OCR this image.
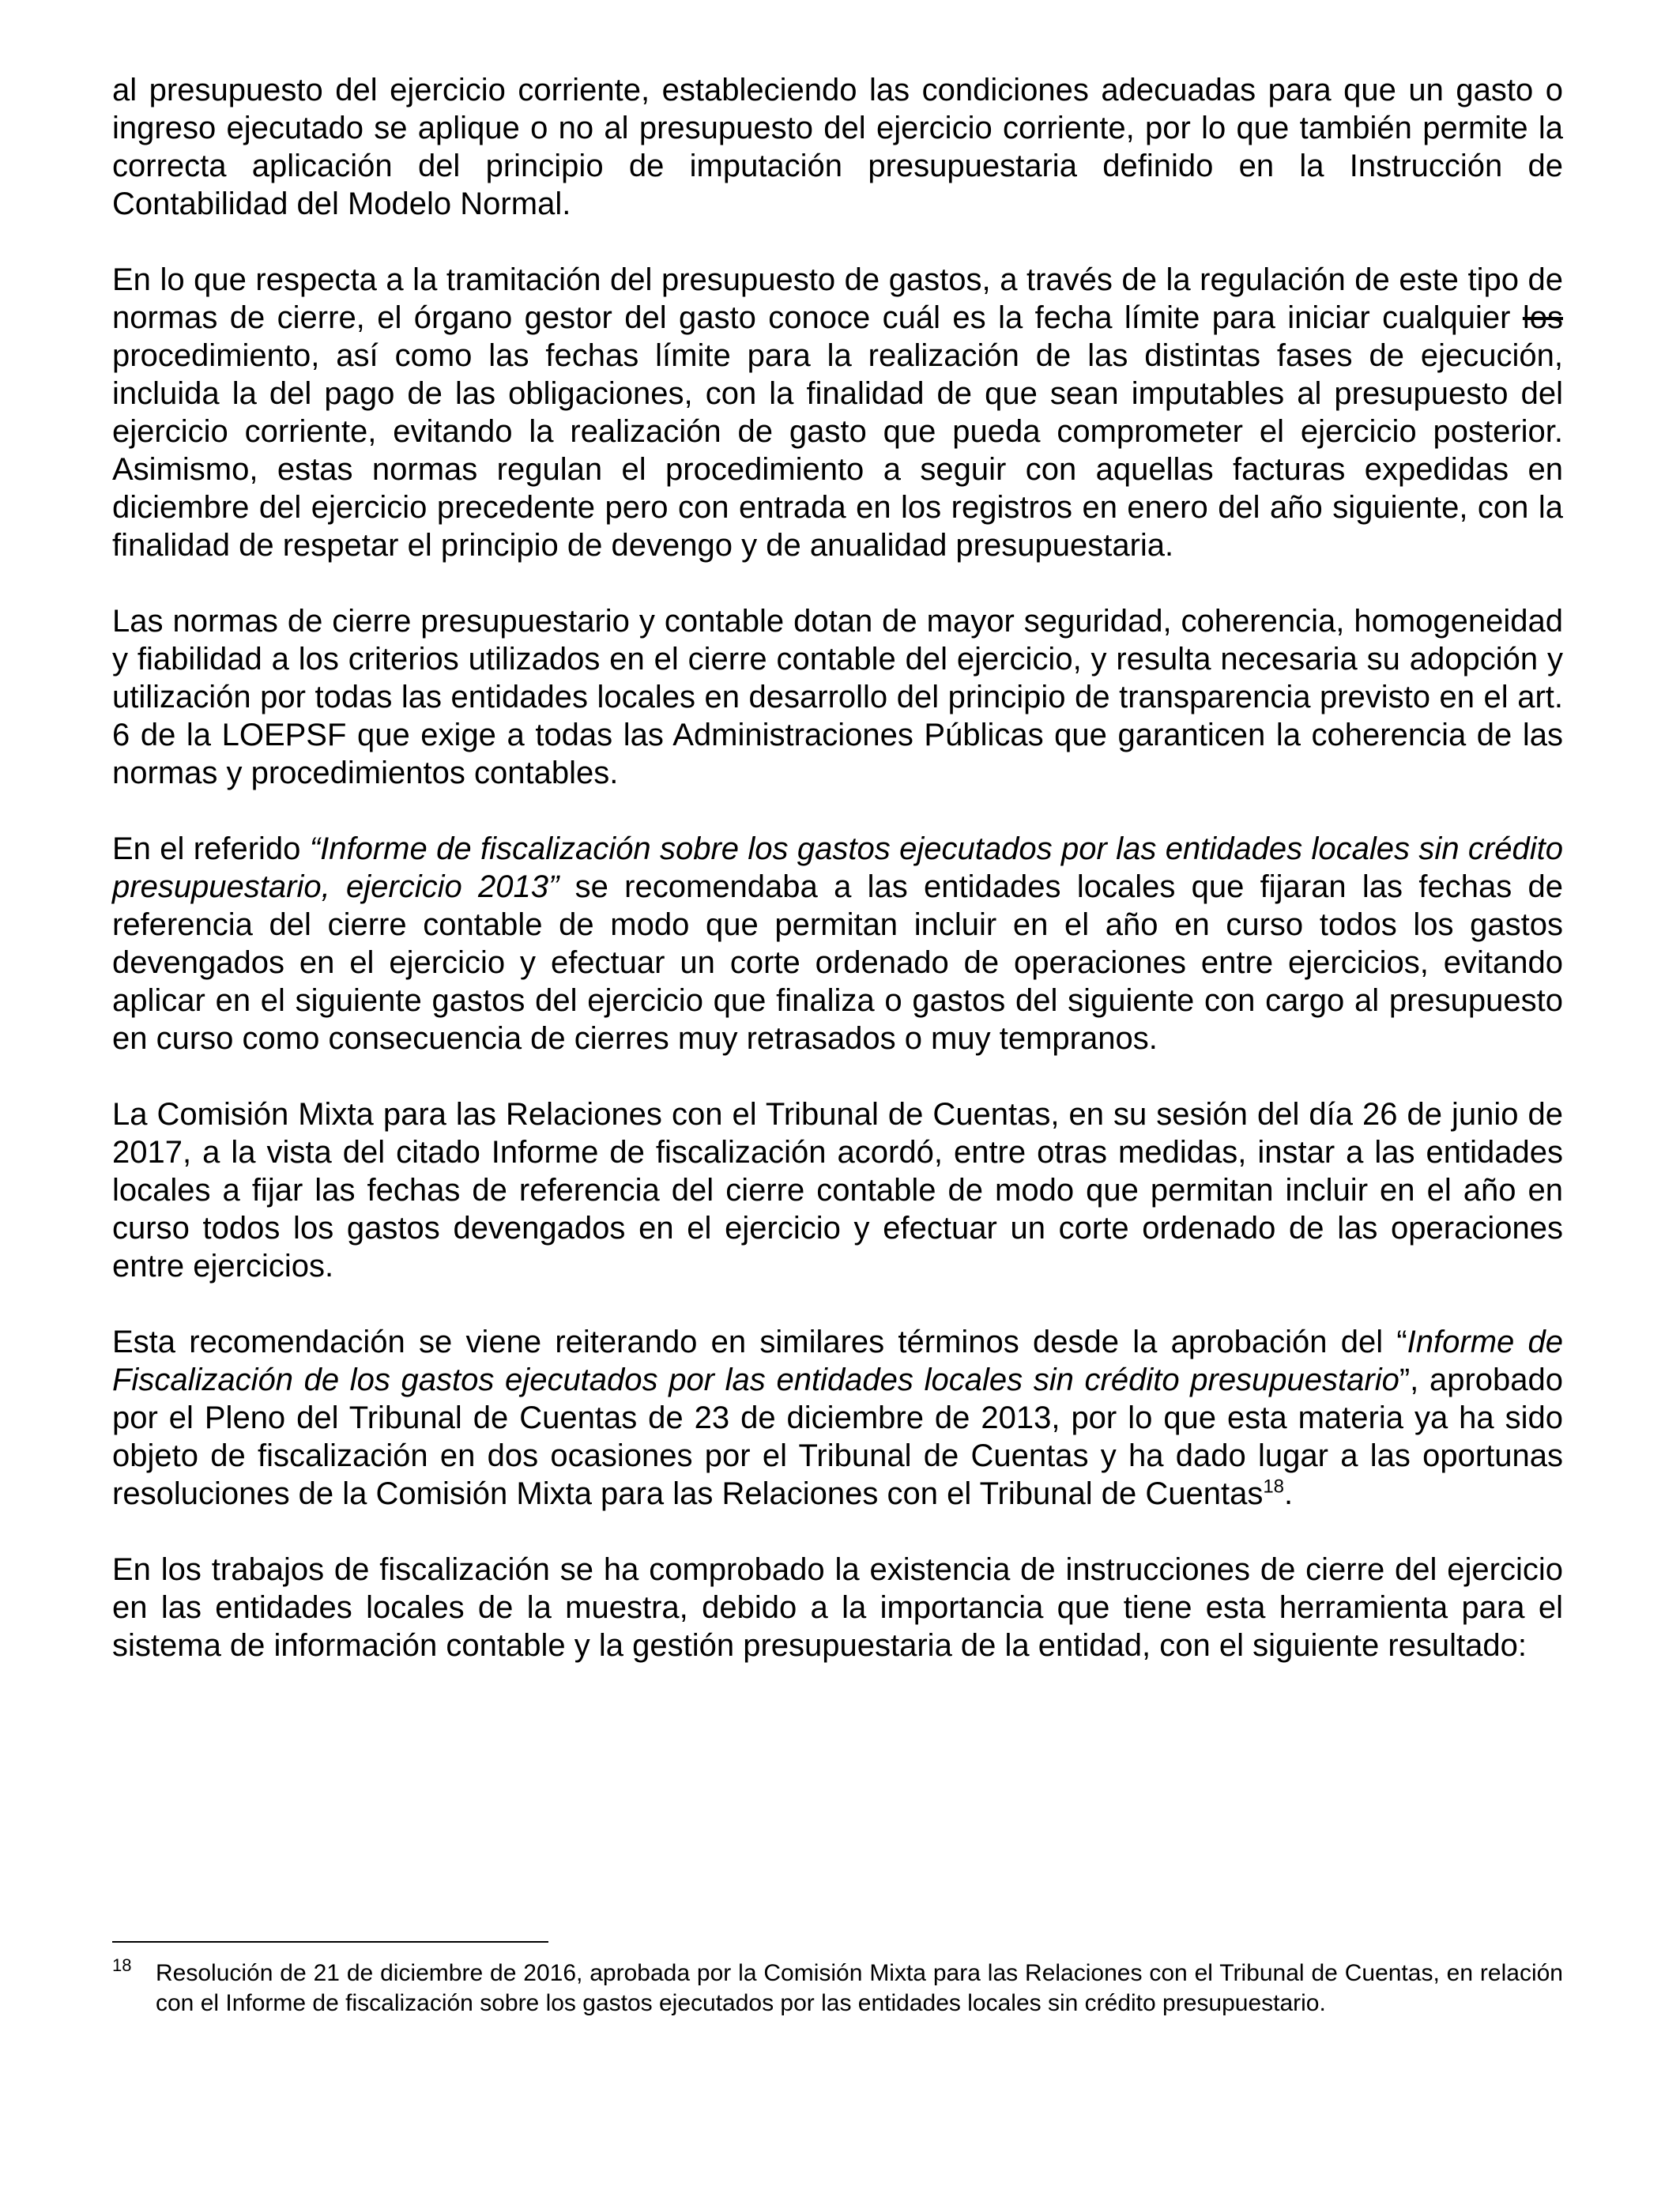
al presupuesto del ejercicio corriente, estableciendo las condiciones adecuadas para que un gasto o ingreso ejecutado se aplique o no al presupuesto del ejercicio corriente, por lo que también permite la correcta aplicación del principio de imputación presupuestaria definido en la Instrucción de Contabilidad del Modelo Normal.

En lo que respecta a la tramitación del presupuesto de gastos, a través de la regulación de este tipo de normas de cierre, el órgano gestor del gasto conoce cuál es la fecha límite para iniciar cualquier los procedimiento, así como las fechas límite para la realización de las distintas fases de ejecución, incluida la del pago de las obligaciones, con la finalidad de que sean imputables al presupuesto del ejercicio corriente, evitando la realización de gasto que pueda comprometer el ejercicio posterior. Asimismo, estas normas regulan el procedimiento a seguir con aquellas facturas expedidas en diciembre del ejercicio precedente pero con entrada en los registros en enero del año siguiente, con la finalidad de respetar el principio de devengo y de anualidad presupuestaria.

Las normas de cierre presupuestario y contable dotan de mayor seguridad, coherencia, homogeneidad y fiabilidad a los criterios utilizados en el cierre contable del ejercicio, y resulta necesaria su adopción y utilización por todas las entidades locales en desarrollo del principio de transparencia previsto en el art. 6 de la LOEPSF que exige a todas las Administraciones Públicas que garanticen la coherencia de las normas y procedimientos contables.

En el referido “Informe de fiscalización sobre los gastos ejecutados por las entidades locales sin crédito presupuestario, ejercicio 2013” se recomendaba a las entidades locales que fijaran las fechas de referencia del cierre contable de modo que permitan incluir en el año en curso todos los gastos devengados en el ejercicio y efectuar un corte ordenado de operaciones entre ejercicios, evitando aplicar en el siguiente gastos del ejercicio que finaliza o gastos del siguiente con cargo al presupuesto en curso como consecuencia de cierres muy retrasados o muy tempranos.

La Comisión Mixta para las Relaciones con el Tribunal de Cuentas, en su sesión del día 26 de junio de 2017, a la vista del citado Informe de fiscalización acordó, entre otras medidas, instar a las entidades locales a fijar las fechas de referencia del cierre contable de modo que permitan incluir en el año en curso todos los gastos devengados en el ejercicio y efectuar un corte ordenado de las operaciones entre ejercicios.

Esta recomendación se viene reiterando en similares términos desde la aprobación del “Informe de Fiscalización de los gastos ejecutados por las entidades locales sin crédito presupuestario”, aprobado por el Pleno del Tribunal de Cuentas de 23 de diciembre de 2013, por lo que esta materia ya ha sido objeto de fiscalización en dos ocasiones por el Tribunal de Cuentas y ha dado lugar a las oportunas resoluciones de la Comisión Mixta para las Relaciones con el Tribunal de Cuentas$^{18}$.

En los trabajos de fiscalización se ha comprobado la existencia de instrucciones de cierre del ejercicio en las entidades locales de la muestra, debido a la importancia que tiene esta herramienta para el sistema de información contable y la gestión presupuestaria de la entidad, con el siguiente resultado:

18 Resolución de 21 de diciembre de 2016, aprobada por la Comisión Mixta para las Relaciones con el Tribunal de Cuentas, en relación con el Informe de fiscalización sobre los gastos ejecutados por las entidades locales sin crédito presupuestario.
